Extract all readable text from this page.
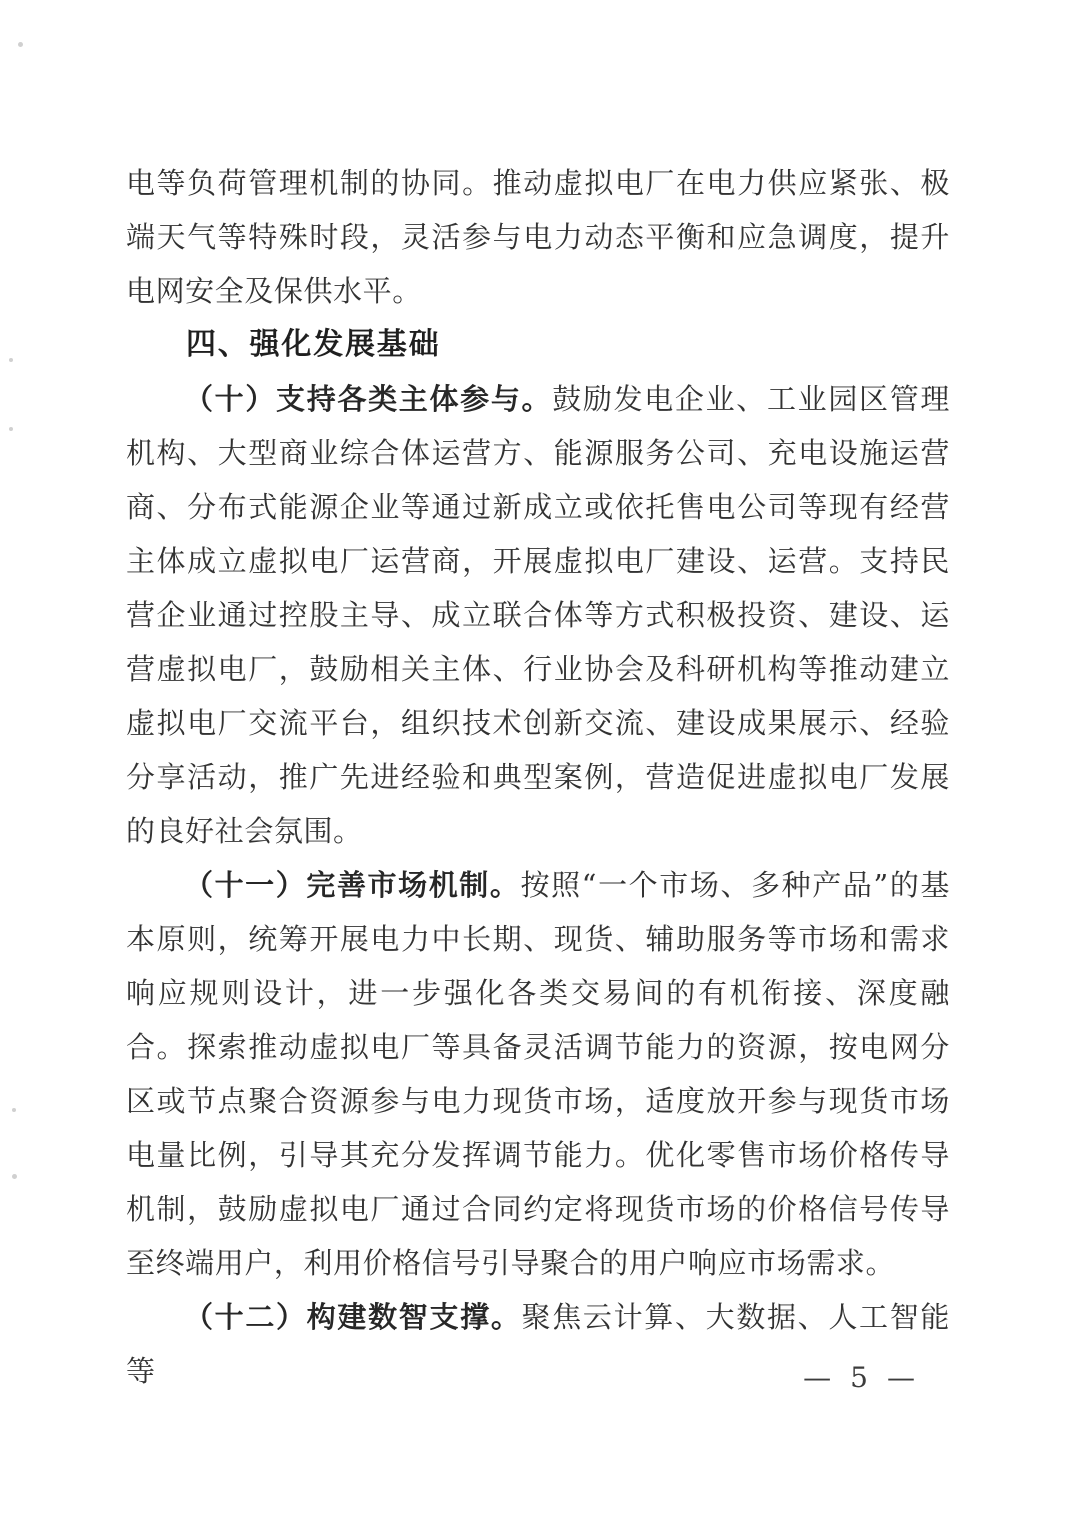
电等负荷管理机制的协同。推动虚拟电厂在电力供应紧张、极端天气等特殊时段，灵活参与电力动态平衡和应急调度，提升电网安全及保供水平。

四、强化发展基础

（十）支持各类主体参与。鼓励发电企业、工业园区管理机构、大型商业综合体运营方、能源服务公司、充电设施运营商、分布式能源企业等通过新成立或依托售电公司等现有经营主体成立虚拟电厂运营商，开展虚拟电厂建设、运营。支持民营企业通过控股主导、成立联合体等方式积极投资、建设、运营虚拟电厂，鼓励相关主体、行业协会及科研机构等推动建立虚拟电厂交流平台，组织技术创新交流、建设成果展示、经验分享活动，推广先进经验和典型案例，营造促进虚拟电厂发展的良好社会氛围。

（十一）完善市场机制。按照“一个市场、多种产品”的基本原则，统筹开展电力中长期、现货、辅助服务等市场和需求响应规则设计，进一步强化各类交易间的有机衔接、深度融合。探索推动虚拟电厂等具备灵活调节能力的资源，按电网分区或节点聚合资源参与电力现货市场，适度放开参与现货市场电量比例，引导其充分发挥调节能力。优化零售市场价格传导机制，鼓励虚拟电厂通过合同约定将现货市场的价格信号传导至终端用户，利用价格信号引导聚合的用户响应市场需求。

（十二）构建数智支撑。聚焦云计算、大数据、人工智能等	— 5 —
